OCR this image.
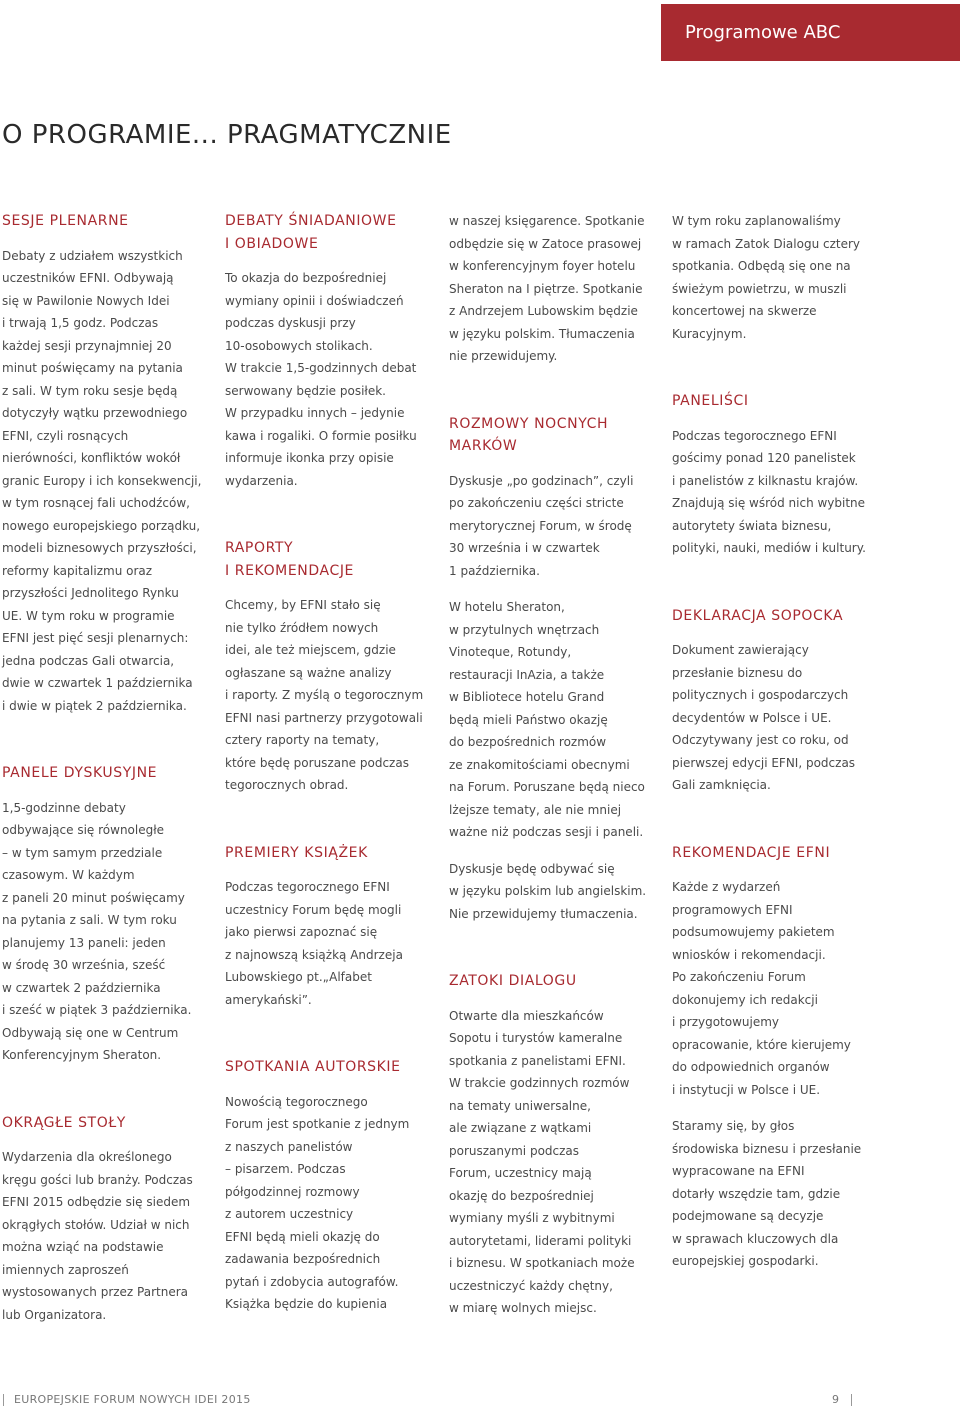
Programowe ABC
O PROGRAMIE... PRAGMATYCZNIE
SESJE PLENARNE

Debaty z udziałem wszystkich
uczestników EFNI. Odbywają
się w Pawilonie Nowych Idei
i trwają 1,5 godz. Podczas
każdej sesji przynajmniej 20
minut poświęcamy na pytania
z sali. W tym roku sesje będą
dotyczyły wątku przewodniego
EFNI, czyli rosnących
nierówności, konfliktów wokół
granic Europy i ich konsekwencji,
w tym rosnącej fali uchodźców,
nowego europejskiego porządku,
modeli biznesowych przyszłości,
reformy kapitalizmu oraz
przyszłości Jednolitego Rynku
UE. W tym roku w programie
EFNI jest pięć sesji plenarnych:
jedna podczas Gali otwarcia,
dwie w czwartek 1 października
i dwie w piątek 2 października.

PANELE DYSKUSYJNE

1,5-godzinne debaty
odbywające się równoległe
– w tym samym przedziale
czasowym. W każdym
z paneli 20 minut poświęcamy
na pytania z sali. W tym roku
planujemy 13 paneli: jeden
w środę 30 września, sześć
w czwartek 2 października
i sześć w piątek 3 października.
Odbywają się one w Centrum
Konferencyjnym Sheraton.

OKRĄGŁE STOŁY

Wydarzenia dla określonego
kręgu gości lub branży. Podczas
EFNI 2015 odbędzie się siedem
okrągłych stołów. Udział w nich
można wziąć na podstawie
imiennych zaproszeń
wystosowanych przez Partnera
lub Organizatora.

DEBATY ŚNIADANIOWE
I OBIADOWE

To okazja do bezpośredniej
wymiany opinii i doświadczeń
podczas dyskusji przy
10-osobowych stolikach.
W trakcie 1,5-godzinnych debat
serwowany będzie posiłek.
W przypadku innych – jedynie
kawa i rogaliki. O formie posiłku
informuje ikonka przy opisie
wydarzenia.

RAPORTY
I REKOMENDACJE

Chcemy, by EFNI stało się
nie tylko źródłem nowych
idei, ale też miejscem, gdzie
ogłaszane są ważne analizy
i raporty. Z myślą o tegorocznym
EFNI nasi partnerzy przygotowali
cztery raporty na tematy,
które będę poruszane podczas
tegorocznych obrad.

PREMIERY KSIĄŻEK

Podczas tegorocznego EFNI
uczestnicy Forum będę mogli
jako pierwsi zapoznać się
z najnowszą książką Andrzeja
Lubowskiego pt.„Alfabet
amerykański”.

SPOTKANIA AUTORSKIE

Nowością tegorocznego
Forum jest spotkanie z jednym
z naszych panelistów
– pisarzem. Podczas
półgodzinnej rozmowy
z autorem uczestnicy
EFNI będą mieli okazję do
zadawania bezpośrednich
pytań i zdobycia autografów.
Książka będzie do kupienia

w naszej księgarence. Spotkanie
odbędzie się w Zatoce prasowej
w konferencyjnym foyer hotelu
Sheraton na I piętrze. Spotkanie
z Andrzejem Lubowskim będzie
w języku polskim. Tłumaczenia
nie przewidujemy.

ROZMOWY NOCNYCH
MARKÓW

Dyskusje „po godzinach”, czyli
po zakończeniu części stricte
merytorycznej Forum, w środę
30 września i w czwartek
1 października.

W hotelu Sheraton,
w przytulnych wnętrzach
Vinoteque, Rotundy,
restauracji InAzia, a także
w Bibliotece hotelu Grand
będą mieli Państwo okazję
do bezpośrednich rozmów
ze znakomitościami obecnymi
na Forum. Poruszane będą nieco
lżejsze tematy, ale nie mniej
ważne niż podczas sesji i paneli.

Dyskusje będę odbywać się
w języku polskim lub angielskim.
Nie przewidujemy tłumaczenia.

ZATOKI DIALOGU

Otwarte dla mieszkańców
Sopotu i turystów kameralne
spotkania z panelistami EFNI.
W trakcie godzinnych rozmów
na tematy uniwersalne,
ale związane z wątkami
poruszanymi podczas
Forum, uczestnicy mają
okazję do bezpośredniej
wymiany myśli z wybitnymi
autorytetami, liderami polityki
i biznesu. W spotkaniach może
uczestniczyć każdy chętny,
w miarę wolnych miejsc.

W tym roku zaplanowaliśmy
w ramach Zatok Dialogu cztery
spotkania. Odbędą się one na
świeżym powietrzu, w muszli
koncertowej na skwerze
Kuracyjnym.

PANELIŚCI

Podczas tegorocznego EFNI
gościmy ponad 120 panelistek
i panelistów z kilknastu krajów.
Znajdują się wśród nich wybitne
autorytety świata biznesu,
polityki, nauki, mediów i kultury.

DEKLARACJA SOPOCKA

Dokument zawierający
przesłanie biznesu do
politycznych i gospodarczych
decydentów w Polsce i UE.
Odczytywany jest co roku, od
pierwszej edycji EFNI, podczas
Gali zamknięcia.

REKOMENDACJE EFNI

Każde z wydarzeń
programowych EFNI
podsumowujemy pakietem
wniosków i rekomendacji.
Po zakończeniu Forum
dokonujemy ich redakcji
i przygotowujemy
opracowanie, które kierujemy
do odpowiednich organów
i instytucji w Polsce i UE.

Staramy się, by głos
środowiska biznesu i przesłanie
wypracowane na EFNI
dotarły wszędzie tam, gdzie
podejmowane są decyzje
w sprawach kluczowych dla
europejskiej gospodarki.

EUROPEJSKIE FORUM NOWYCH IDEI 2015	9
